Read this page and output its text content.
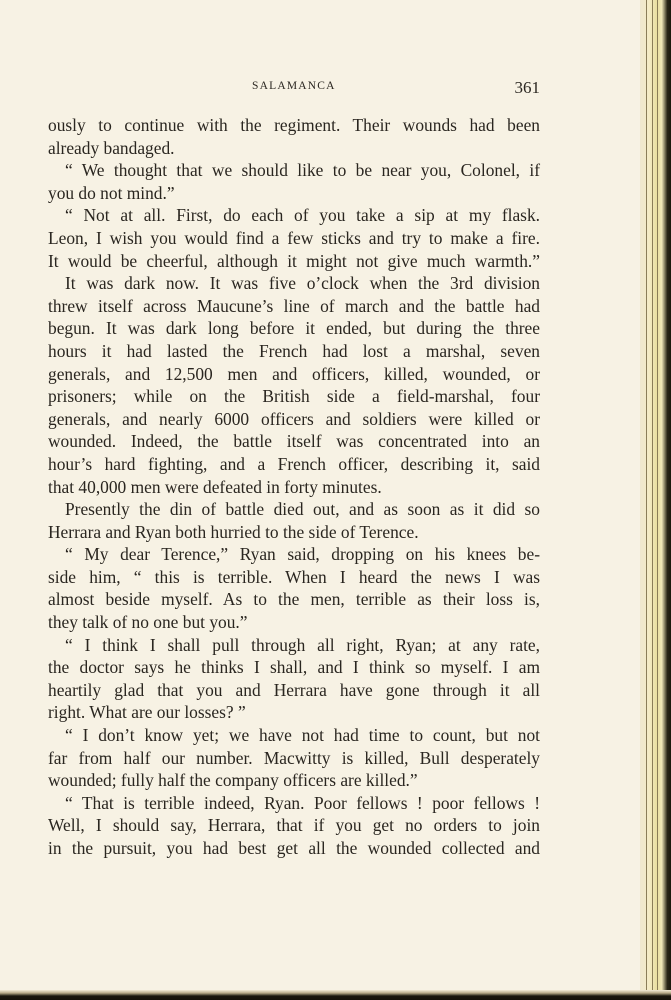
SALAMANCA	361
ously to continue with the regiment. Their wounds had been
already bandaged.
“ We thought that we should like to be near you, Colonel, if
you do not mind.”
“ Not at all. First, do each of you take a sip at my flask.
Leon, I wish you would find a few sticks and try to make a fire.
It would be cheerful, although it might not give much warmth.”
It was dark now. It was five o’clock when the 3rd division
threw itself across Maucune’s line of march and the battle had
begun. It was dark long before it ended, but during the three
hours it had lasted the French had lost a marshal, seven
generals, and 12,500 men and officers, killed, wounded, or
prisoners; while on the British side a field-marshal, four
generals, and nearly 6000 officers and soldiers were killed or
wounded. Indeed, the battle itself was concentrated into an
hour’s hard fighting, and a French officer, describing it, said
that 40,000 men were defeated in forty minutes.
Presently the din of battle died out, and as soon as it did so
Herrara and Ryan both hurried to the side of Terence.
“ My dear Terence,” Ryan said, dropping on his knees be-
side him, “ this is terrible. When I heard the news I was
almost beside myself. As to the men, terrible as their loss is,
they talk of no one but you.”
“ I think I shall pull through all right, Ryan; at any rate,
the doctor says he thinks I shall, and I think so myself. I am
heartily glad that you and Herrara have gone through it all
right. What are our losses? ”
“ I don’t know yet; we have not had time to count, but not
far from half our number. Macwitty is killed, Bull desperately
wounded; fully half the company officers are killed.”
“ That is terrible indeed, Ryan. Poor fellows ! poor fellows !
Well, I should say, Herrara, that if you get no orders to join
in the pursuit, you had best get all the wounded collected and
